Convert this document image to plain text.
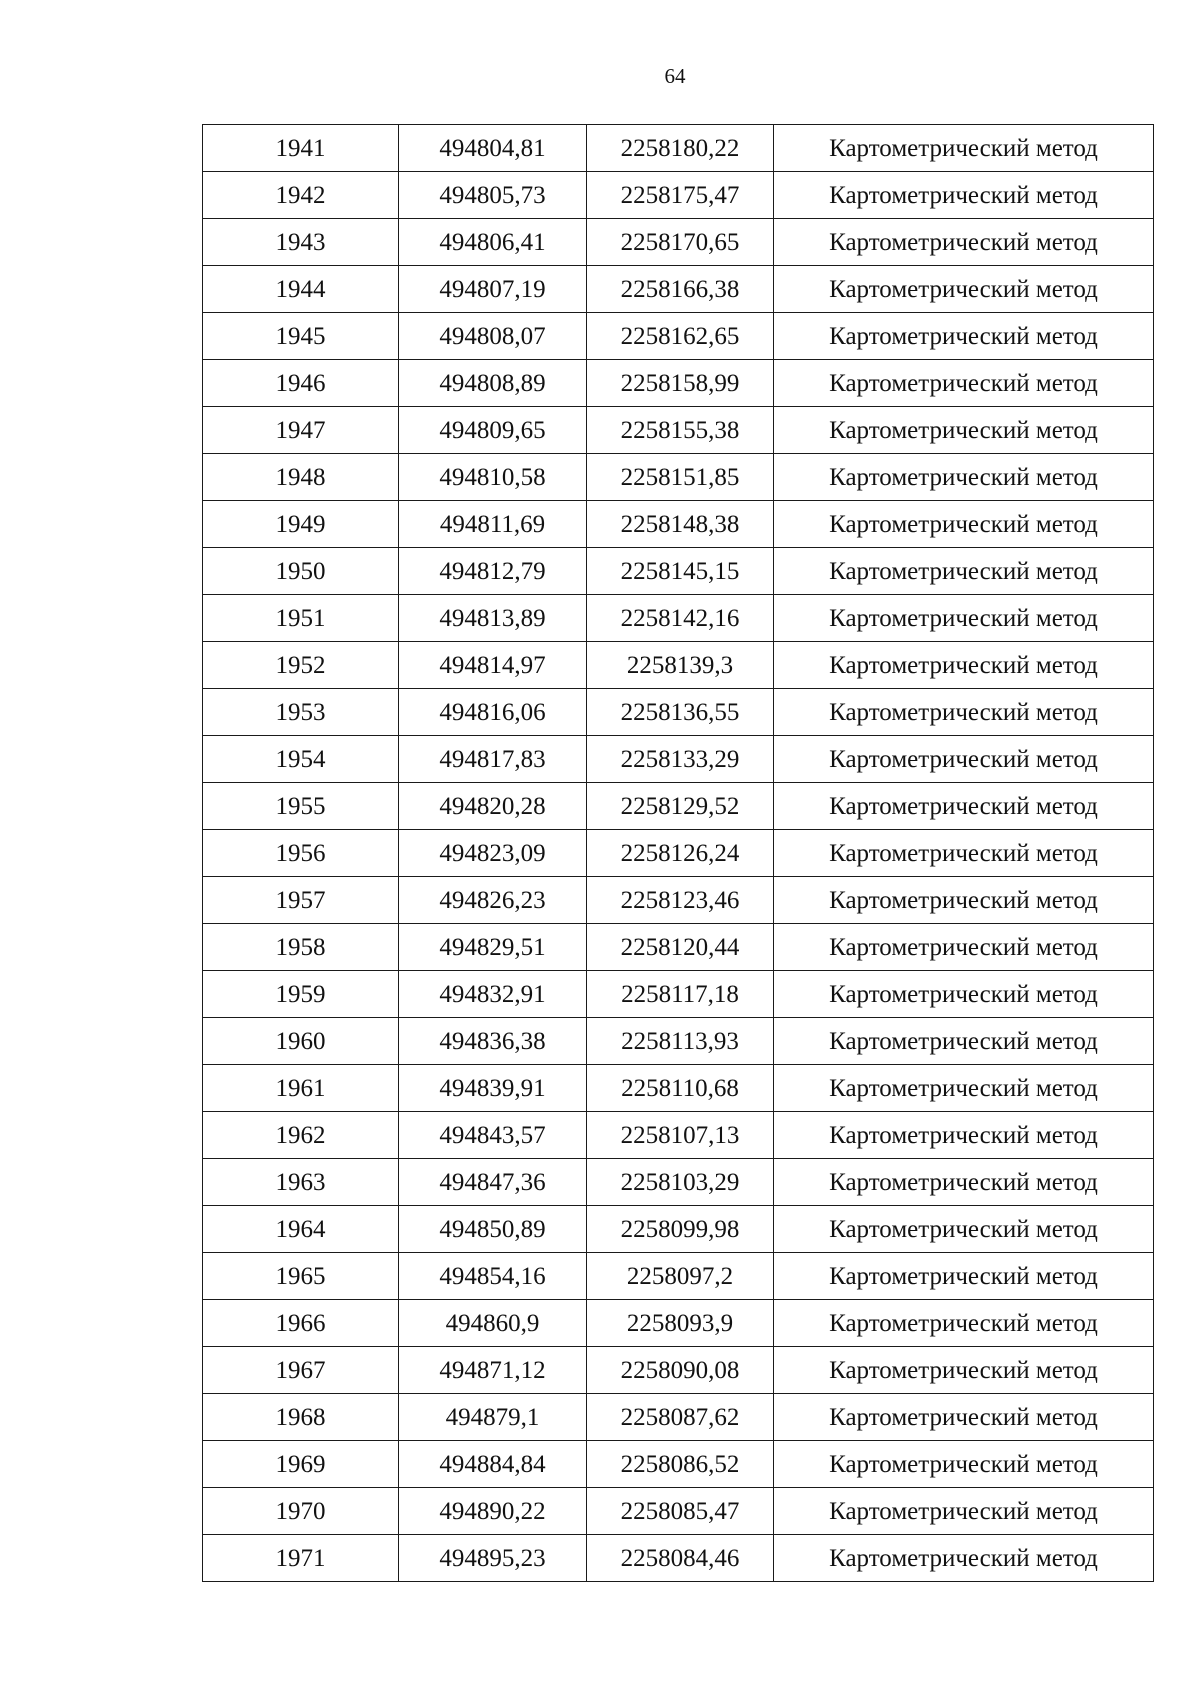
64
1941	494804,81	2258180,22	Картометрический метод
1942	494805,73	2258175,47	Картометрический метод
1943	494806,41	2258170,65	Картометрический метод
1944	494807,19	2258166,38	Картометрический метод
1945	494808,07	2258162,65	Картометрический метод
1946	494808,89	2258158,99	Картометрический метод
1947	494809,65	2258155,38	Картометрический метод
1948	494810,58	2258151,85	Картометрический метод
1949	494811,69	2258148,38	Картометрический метод
1950	494812,79	2258145,15	Картометрический метод
1951	494813,89	2258142,16	Картометрический метод
1952	494814,97	2258139,3	Картометрический метод
1953	494816,06	2258136,55	Картометрический метод
1954	494817,83	2258133,29	Картометрический метод
1955	494820,28	2258129,52	Картометрический метод
1956	494823,09	2258126,24	Картометрический метод
1957	494826,23	2258123,46	Картометрический метод
1958	494829,51	2258120,44	Картометрический метод
1959	494832,91	2258117,18	Картометрический метод
1960	494836,38	2258113,93	Картометрический метод
1961	494839,91	2258110,68	Картометрический метод
1962	494843,57	2258107,13	Картометрический метод
1963	494847,36	2258103,29	Картометрический метод
1964	494850,89	2258099,98	Картометрический метод
1965	494854,16	2258097,2	Картометрический метод
1966	494860,9	2258093,9	Картометрический метод
1967	494871,12	2258090,08	Картометрический метод
1968	494879,1	2258087,62	Картометрический метод
1969	494884,84	2258086,52	Картометрический метод
1970	494890,22	2258085,47	Картометрический метод
1971	494895,23	2258084,46	Картометрический метод
